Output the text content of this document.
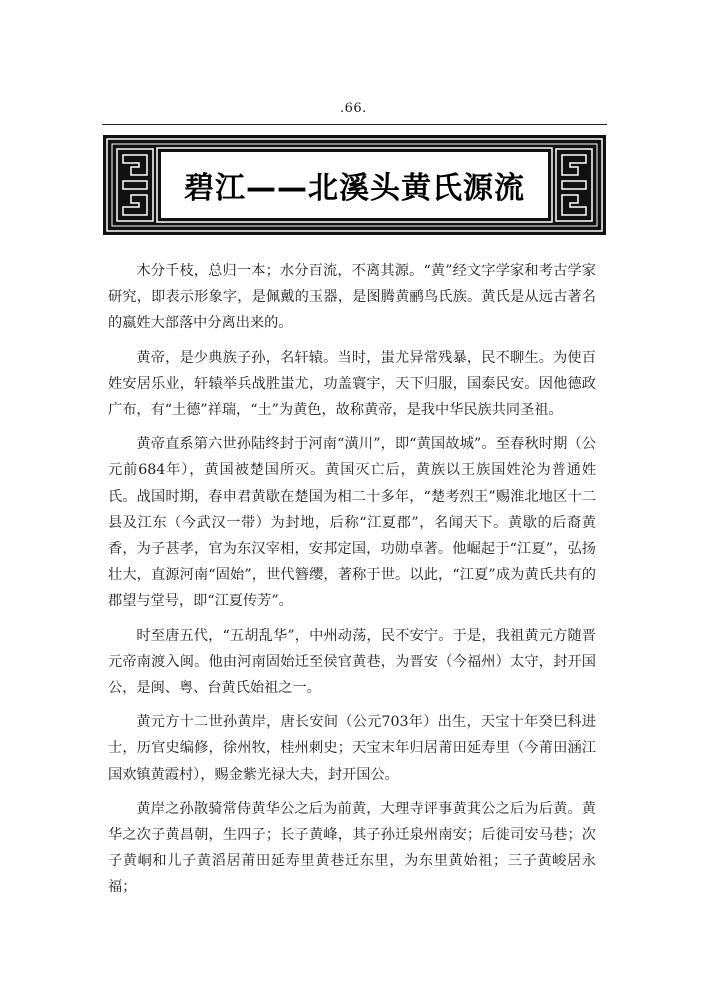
.66.
碧江——北溪头黄氏源流

木分千枝，总归一本；水分百流，不离其源。“黄”经文字学家和考古学家研究，即表示形象字，是佩戴的玉器，是图腾黄鹂鸟氏族。黄氏是从远古著名的嬴姓大部落中分离出来的。

黄帝，是少典族子孙，名轩辕。当时，蚩尤异常残暴，民不聊生。为使百姓安居乐业，轩辕举兵战胜蚩尤，功盖寰宇，天下归服，国泰民安。因他德政广布，有“土德”祥瑞，“土”为黄色，故称黄帝，是我中华民族共同圣祖。

黄帝直系第六世孙陆终封于河南“潢川”，即“黄国故城”。至春秋时期（公元前684年），黄国被楚国所灭。黄国灭亡后，黄族以王族国姓沦为普通姓氏。战国时期，春申君黄歇在楚国为相二十多年，“楚考烈王”赐淮北地区十二县及江东（今武汉一带）为封地，后称“江夏郡”，名闻天下。黄歇的后裔黄香，为子甚孝，官为东汉宰相，安邦定国，功勋卓著。他崛起于“江夏”，弘扬壮大，直源河南“固始”，世代簪缨，著称于世。以此，“江夏”成为黄氏共有的郡望与堂号，即“江夏传芳”。

时至唐五代，“五胡乱华”，中州动荡，民不安宁。于是，我祖黄元方随晋元帝南渡入闽。他由河南固始迁至侯官黄巷，为晋安（今福州）太守，封开国公，是闽、粤、台黄氏始祖之一。

黄元方十二世孙黄岸，唐长安间（公元703年）出生，天宝十年癸巳科进士，历官史编修，徐州牧，桂州刺史；天宝末年归居莆田延寿里（今莆田涵江国欢镇黄霞村），赐金紫光禄大夫，封开国公。

黄岸之孙散骑常侍黄华公之后为前黄，大理寺评事黄萁公之后为后黄。黄华之次子黄昌朝，生四子；长子黄峰，其子孙迁泉州南安；后徙司安马巷；次子黄峒和儿子黄滔居莆田延寿里黄巷迁东里，为东里黄始祖；三子黄峻居永福；
